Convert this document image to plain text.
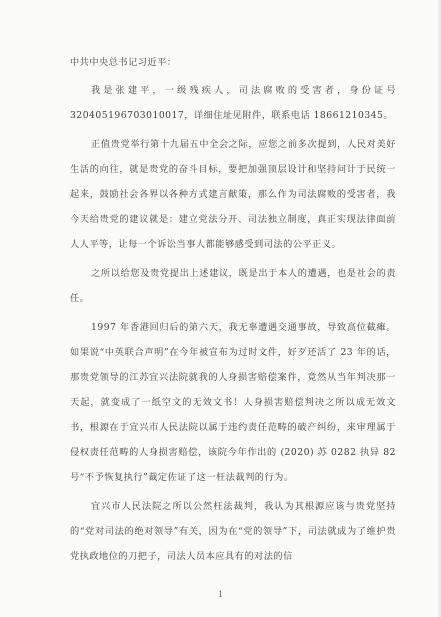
中共中央总书记习近平：

我是张建平，一级残疾人，司法腐败的受害者，身份证号 320405196703010017，详细住址见附件，联系电话 18661210345。

正值贵党举行第十九届五中全会之际，应您之前多次提到，人民对美好生活的向往，就是贵党的奋斗目标，要把加强顶层设计和坚持问计于民统一起来，鼓励社会各界以各种方式建言献策，那么作为司法腐败的受害者，我今天给贵党的建议就是：建立党法分开、司法独立制度，真正实现法律面前人人平等，让每一个诉讼当事人都能够感受到司法的公平正义。

之所以给您及贵党提出上述建议，既是出于本人的遭遇，也是社会的责任。

1997 年香港回归后的第六天，我无辜遭遇交通事故，导致高位截瘫。如果说“中英联合声明”在今年被宣布为过时文件，好歹还活了 23 年的话，那贵党领导的江苏宜兴法院就我的人身损害赔偿案件，竟然从当年判决那一天起，就变成了一纸空文的无效文书！人身损害赔偿判决之所以成无效文书，根源在于宜兴市人民法院以属于违约责任范畴的破产纠纷，来审理属于侵权责任范畴的人身损害赔偿，该院今年作出的 (2020) 苏 0282 执异 82 号“不予恢复执行”裁定佐证了这一枉法裁判的行为。

宜兴市人民法院之所以公然枉法裁判，我认为其根源应该与贵党坚持的“党对司法的绝对领导”有关，因为在“党的领导”下，司法就成为了维护贵党执政地位的刀把子，司法人员本应具有的对法的信

1
